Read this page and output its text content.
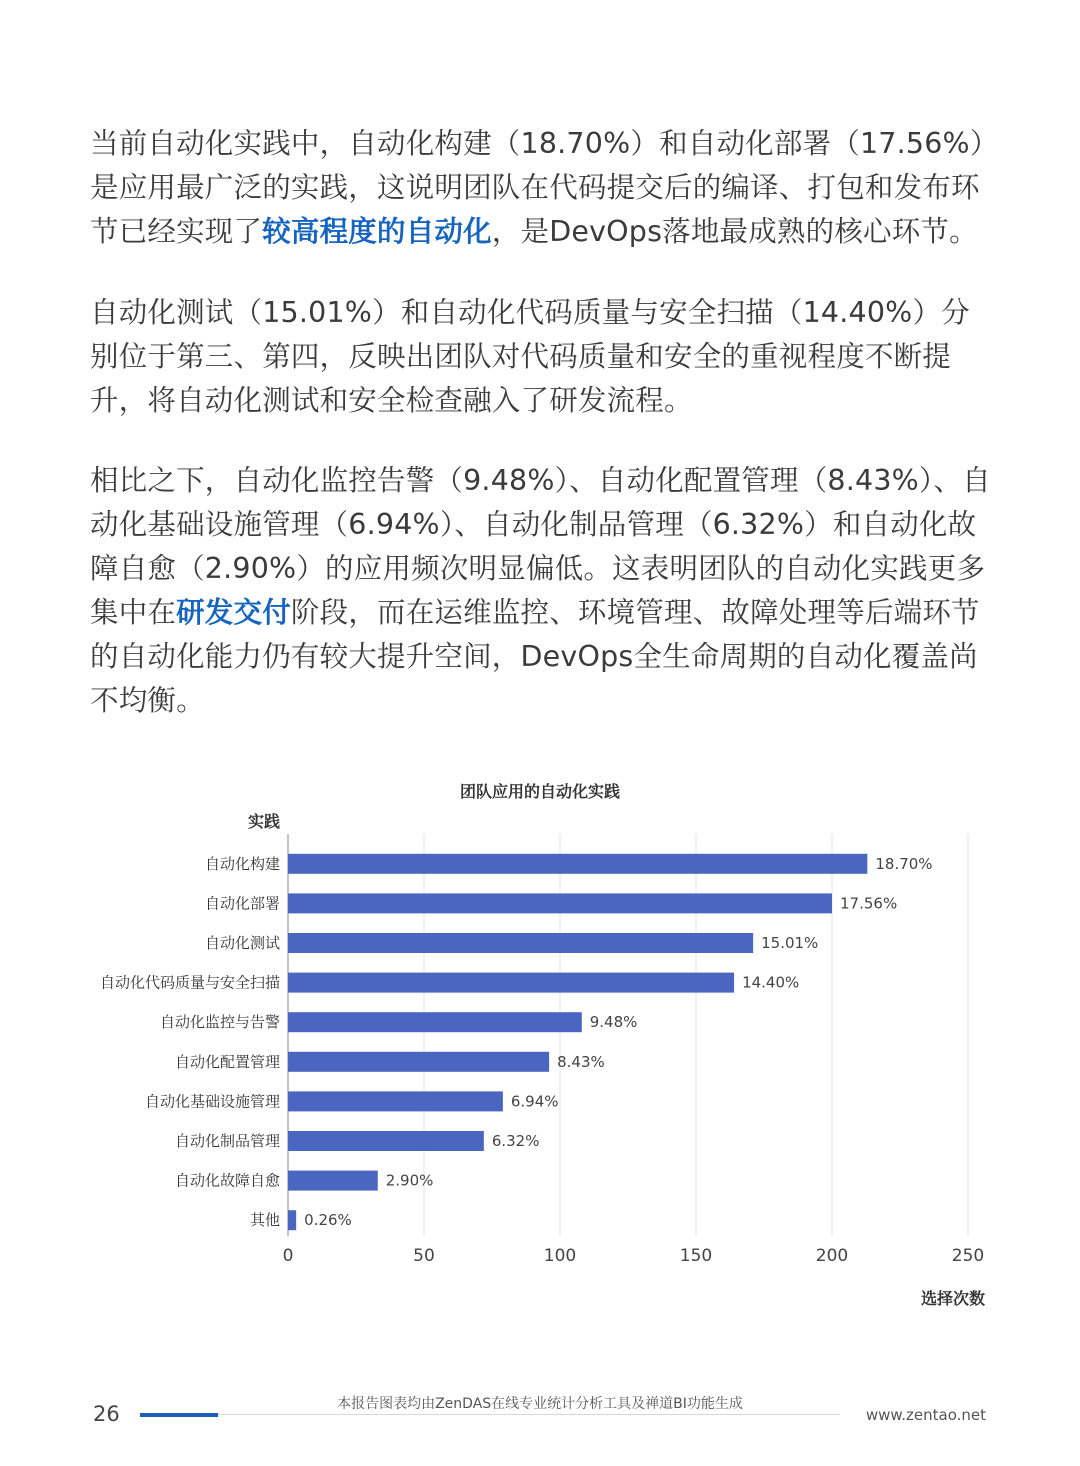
当前自动化实践中，自动化构建（18.70%）和自动化部署（17.56%）是应用最广泛的实践，这说明团队在代码提交后的编译、打包和发布环节已经实现了较高程度的自动化，是DevOps落地最成熟的核心环节。

自动化测试（15.01%）和自动化代码质量与安全扫描（14.40%）分别位于第三、第四，反映出团队对代码质量和安全的重视程度不断提升，将自动化测试和安全检查融入了研发流程。

相比之下，自动化监控告警（9.48%）、自动化配置管理（8.43%）、自动化基础设施管理（6.94%）、自动化制品管理（6.32%）和自动化故障自愈（2.90%）的应用频次明显偏低。这表明团队的自动化实践更多集中在研发交付阶段，而在运维监控、环境管理、故障处理等后端环节的自动化能力仍有较大提升空间，DevOps全生命周期的自动化覆盖尚不均衡。

团队应用的自动化实践
实践
选择次数
0	50	100	150	200	250
自动化构建	18.70%
自动化部署	17.56%
自动化测试	15.01%
自动化代码质量与安全扫描	14.40%
自动化监控与告警	9.48%
自动化配置管理	8.43%
自动化基础设施管理	6.94%
自动化制品管理	6.32%
自动化故障自愈	2.90%
其他 0.26%
26	本报告图表均由ZenDAS在线专业统计分析工具及禅道BI功能生成
www.zentao.net
